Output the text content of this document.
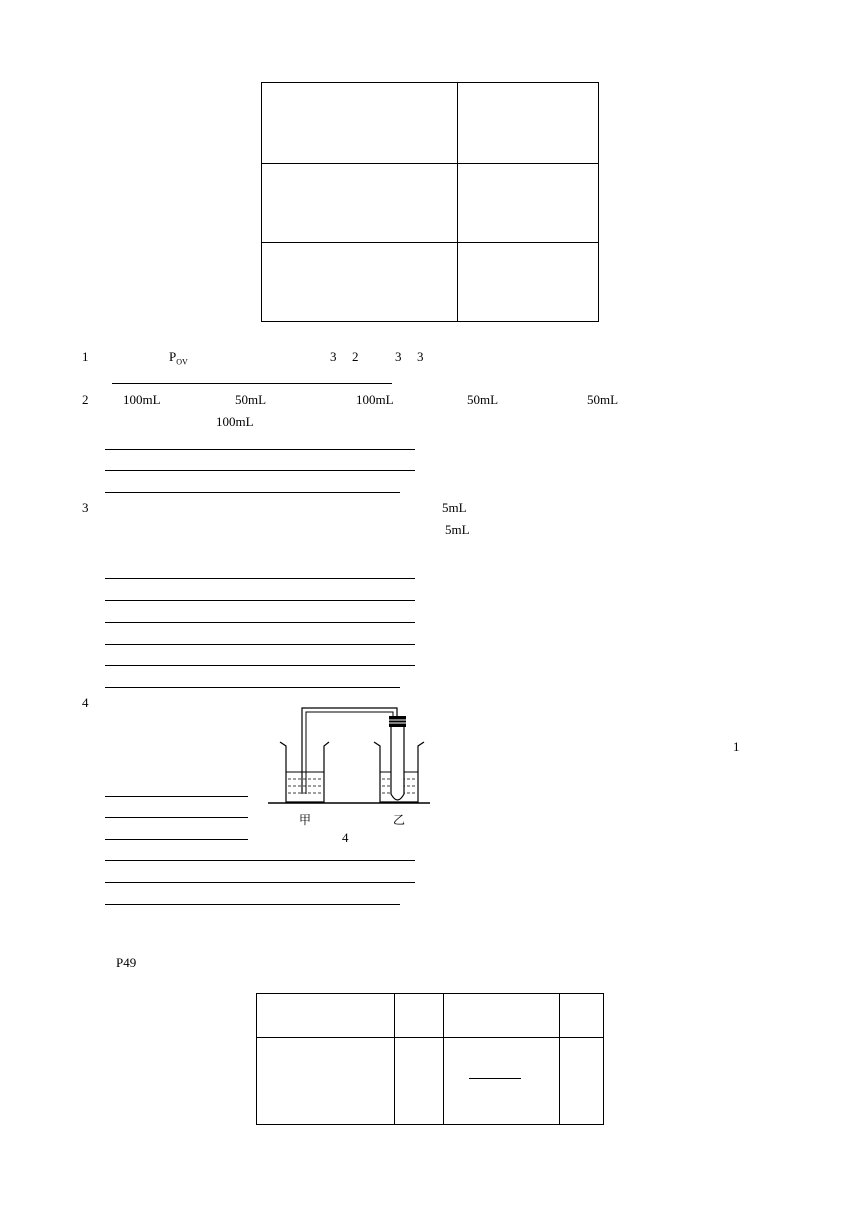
1	$P_{OV}$	3 2	3 3
2	100mL	50mL	100mL	50mL	50mL
100mL
3	5mL
5mL
4
1
甲	乙
4
P49
